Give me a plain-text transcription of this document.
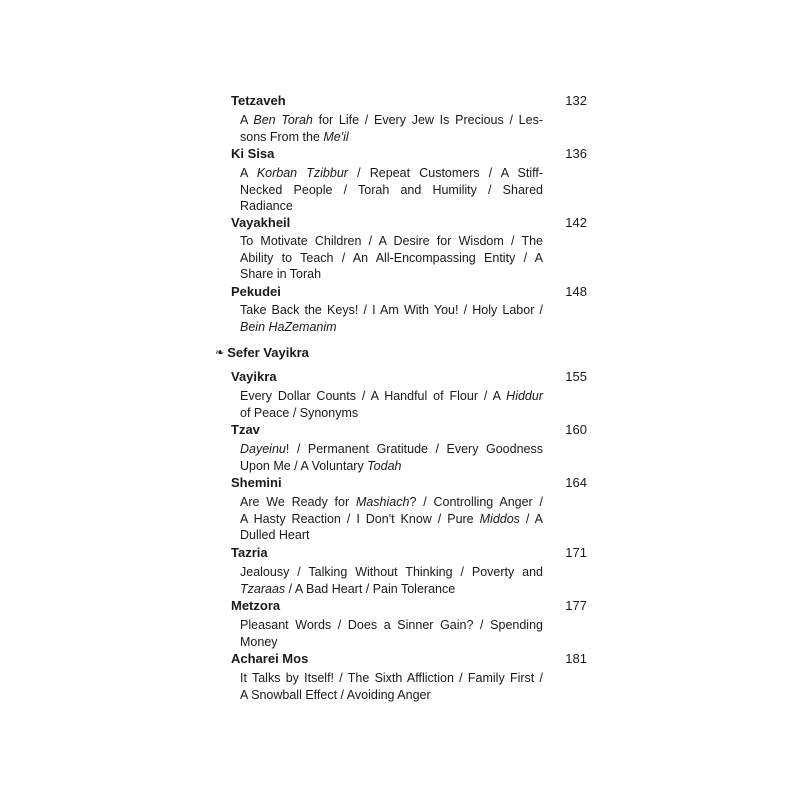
Tetzaveh	132
A Ben Torah for Life / Every Jew Is Precious / Les-
sons From the Me'il
Ki Sisa	136
A Korban Tzibbur / Repeat Customers / A Stiff-
Necked People / Torah and Humility / Shared
Radiance
Vayakheil	142
To Motivate Children / A Desire for Wisdom / The
Ability to Teach / An All-Encompassing Entity / A
Share in Torah
Pekudei	148
Take Back the Keys! / I Am With You! / Holy Labor /
Bein HaZemanim
❧ Sefer Vayikra
Vayikra	155
Every Dollar Counts / A Handful of Flour / A Hiddur
of Peace / Synonyms
Tzav	160
Dayeinu! / Permanent Gratitude / Every Goodness
Upon Me / A Voluntary Todah
Shemini	164
Are We Ready for Mashiach? / Controlling Anger /
A Hasty Reaction / I Don't Know / Pure Middos / A
Dulled Heart
Tazria	171
Jealousy / Talking Without Thinking / Poverty and
Tzaraas / A Bad Heart / Pain Tolerance
Metzora	177
Pleasant Words / Does a Sinner Gain? / Spending
Money
Acharei Mos	181
It Talks by Itself! / The Sixth Affliction / Family First /
A Snowball Effect / Avoiding Anger
